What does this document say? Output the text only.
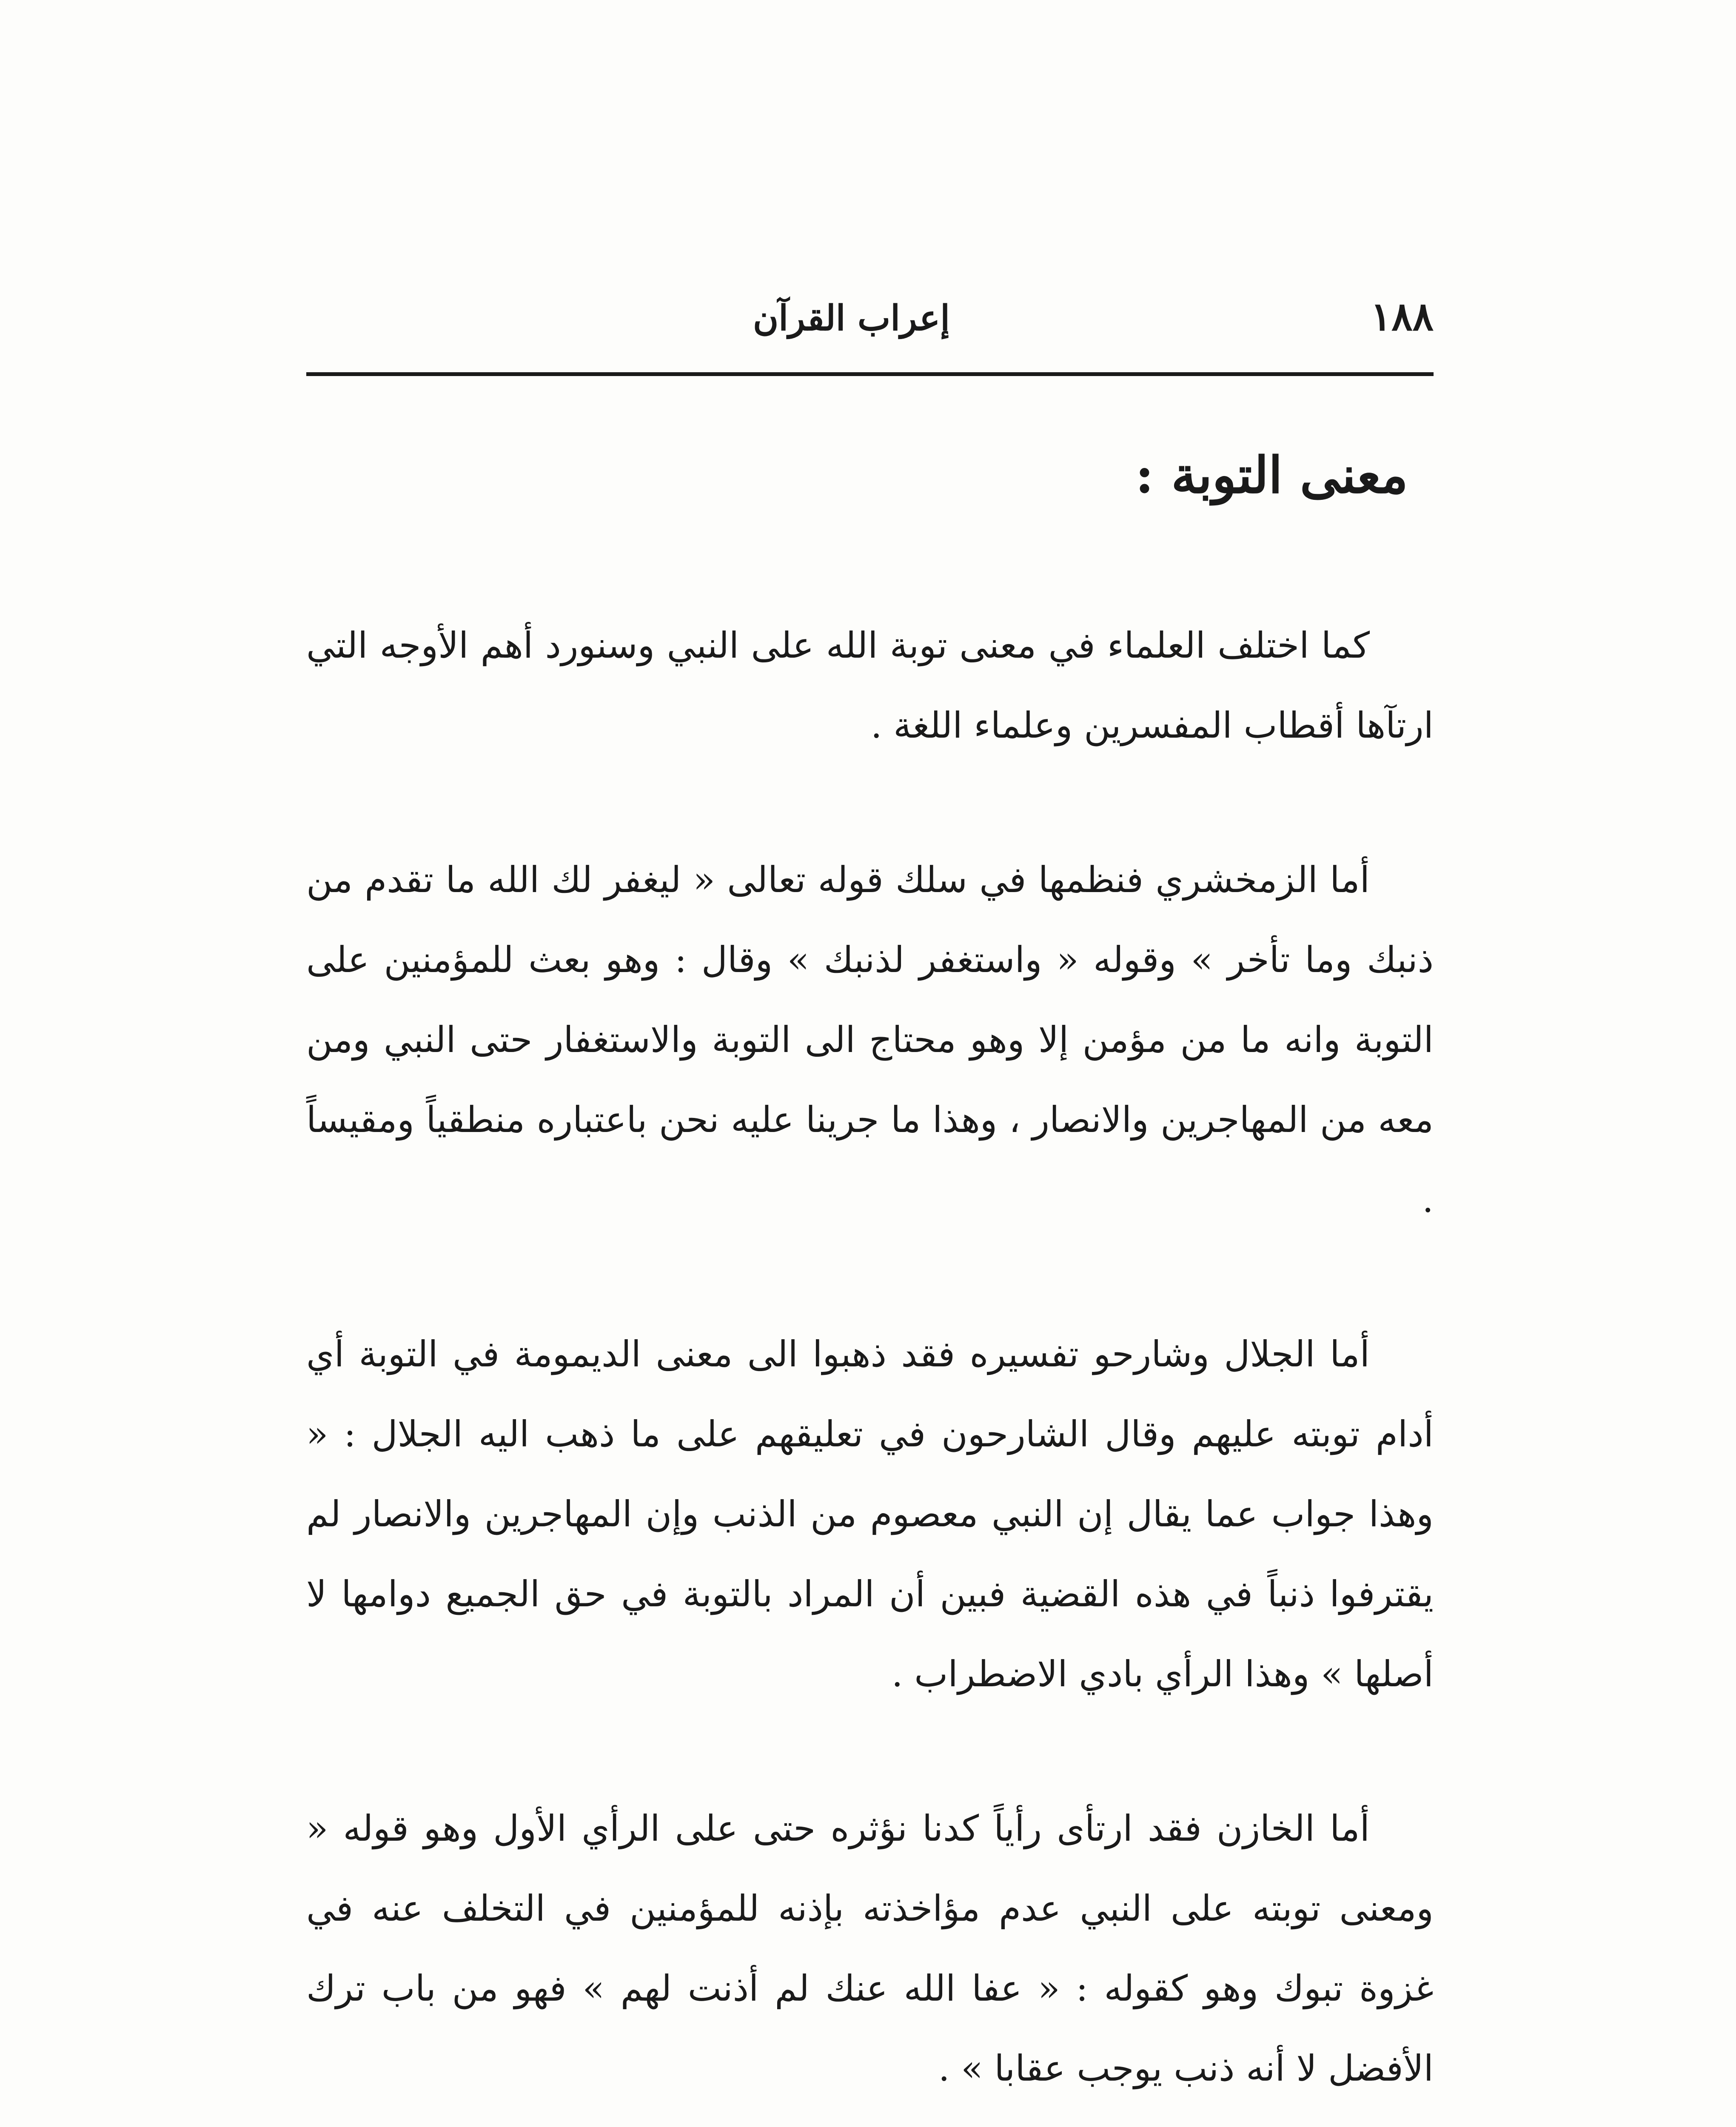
١٨٨
إعراب القرآن
معنى التوبة :

كما اختلف العلماء في معنى توبة الله على النبي وسنورد أهم الأوجه التي ارتآها أقطاب المفسرين وعلماء اللغة .

أما الزمخشري فنظمها في سلك قوله تعالى « ليغفر لك الله ما تقدم من ذنبك وما تأخر » وقوله « واستغفر لذنبك » وقال : وهو بعث للمؤمنين على التوبة وانه ما من مؤمن إلا وهو محتاج الى التوبة والاستغفار حتى النبي ومن معه من المهاجرين والانصار ، وهذا ما جرينا عليه نحن باعتباره منطقياً ومقيساً .

أما الجلال وشارحو تفسيره فقد ذهبوا الى معنى الديمومة في التوبة أي أدام توبته عليهم وقال الشارحون في تعليقهم على ما ذهب اليه الجلال : « وهذا جواب عما يقال إن النبي معصوم من الذنب وإن المهاجرين والانصار لم يقترفوا ذنباً في هذه القضية فبين أن المراد بالتوبة في حق الجميع دوامها لا أصلها » وهذا الرأي بادي الاضطراب .

أما الخازن فقد ارتأى رأياً كدنا نؤثره حتى على الرأي الأول وهو قوله « ومعنى توبته على النبي عدم مؤاخذته بإذنه للمؤمنين في التخلف عنه في غزوة تبوك وهو كقوله : « عفا الله عنك لم أذنت لهم » فهو من باب ترك الأفضل لا أنه ذنب يوجب عقابا » .
